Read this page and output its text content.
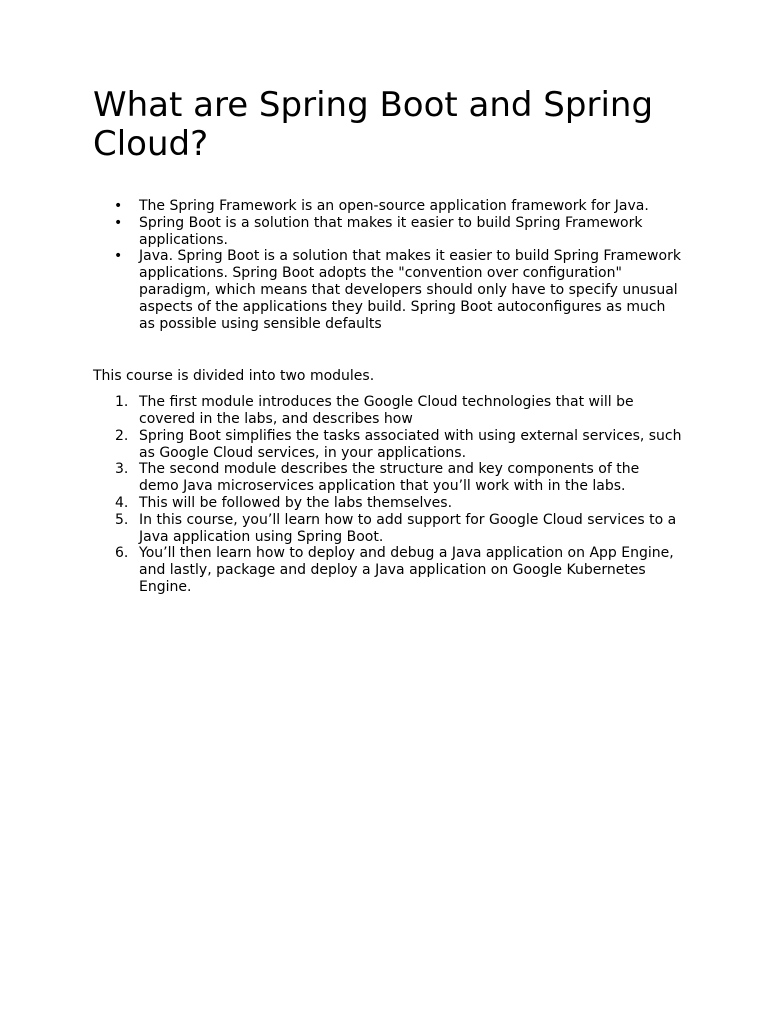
What are Spring Boot and Spring Cloud?
• The Spring Framework is an open-source application framework for Java.
• Spring Boot is a solution that makes it easier to build Spring Framework applications.
• Java. Spring Boot is a solution that makes it easier to build Spring Framework applications. Spring Boot adopts the "convention over configuration" paradigm, which means that developers should only have to specify unusual aspects of the applications they build. Spring Boot autoconfigures as much as possible using sensible defaults

This course is divided into two modules.

1. The first module introduces the Google Cloud technologies that will be covered in the labs, and describes how
2. Spring Boot simplifies the tasks associated with using external services, such as Google Cloud services, in your applications.
3. The second module describes the structure and key components of the demo Java microservices application that you’ll work with in the labs.
4. This will be followed by the labs themselves.
5. In this course, you’ll learn how to add support for Google Cloud services to a Java application using Spring Boot.
6. You’ll then learn how to deploy and debug a Java application on App Engine, and lastly, package and deploy a Java application on Google Kubernetes Engine.
